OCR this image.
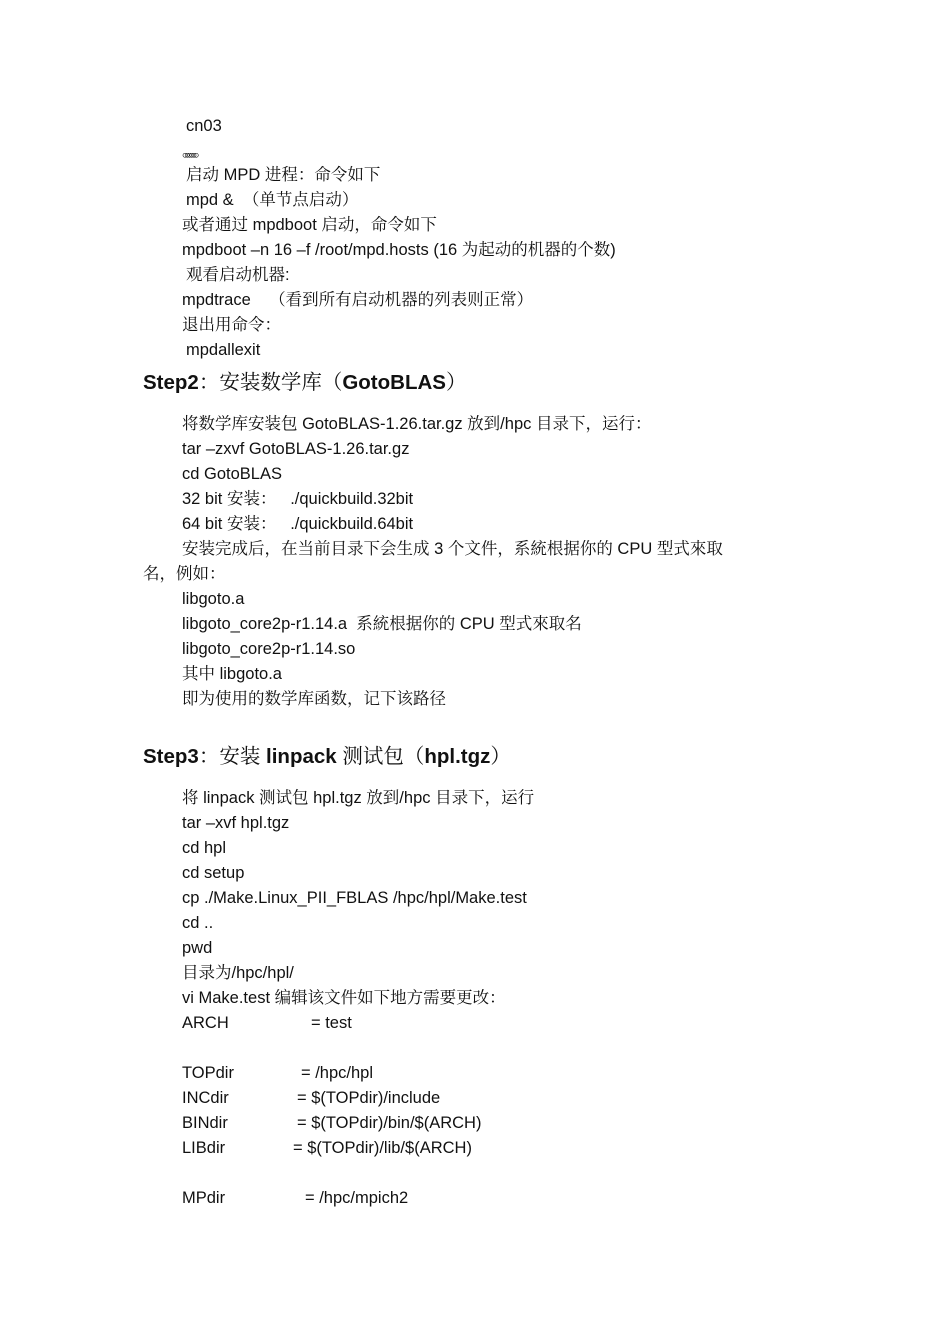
cn03
。。。。。。
启动 MPD 进程：命令如下
mpd &  （单节点启动）
或者通过 mpdboot 启动，命令如下
mpdboot –n 16 –f /root/mpd.hosts (16 为起动的机器的个数)
观看启动机器:
mpdtrace    （看到所有启动机器的列表则正常）
退出用命令：
mpdallexit
Step2：安装数学库（GotoBLAS）
将数学库安装包 GotoBLAS-1.26.tar.gz 放到/hpc 目录下，运行：
tar –zxvf GotoBLAS-1.26.tar.gz
cd GotoBLAS
32 bit 安装：   ./quickbuild.32bit
64 bit 安装：   ./quickbuild.64bit
安装完成后，在当前目录下会生成 3 个文件，系統根据你的 CPU 型式來取
名，例如：
libgoto.a
libgoto_core2p-r1.14.a  系統根据你的 CPU 型式來取名
libgoto_core2p-r1.14.so
其中 libgoto.a
即为使用的数学库函数，记下该路径
Step3：安装 linpack 测试包（hpl.tgz）
将 linpack 测试包 hpl.tgz 放到/hpc 目录下，运行
tar –xvf hpl.tgz
cd hpl
cd setup
cp ./Make.Linux_PII_FBLAS /hpc/hpl/Make.test
cd ..
pwd
目录为/hpc/hpl/
vi Make.test 编辑该文件如下地方需要更改：
ARCH	= test
TOPdir	= /hpc/hpl
INCdir	= $(TOPdir)/include
BINdir	= $(TOPdir)/bin/$(ARCH)
LIBdir	= $(TOPdir)/lib/$(ARCH)
MPdir	= /hpc/mpich2
